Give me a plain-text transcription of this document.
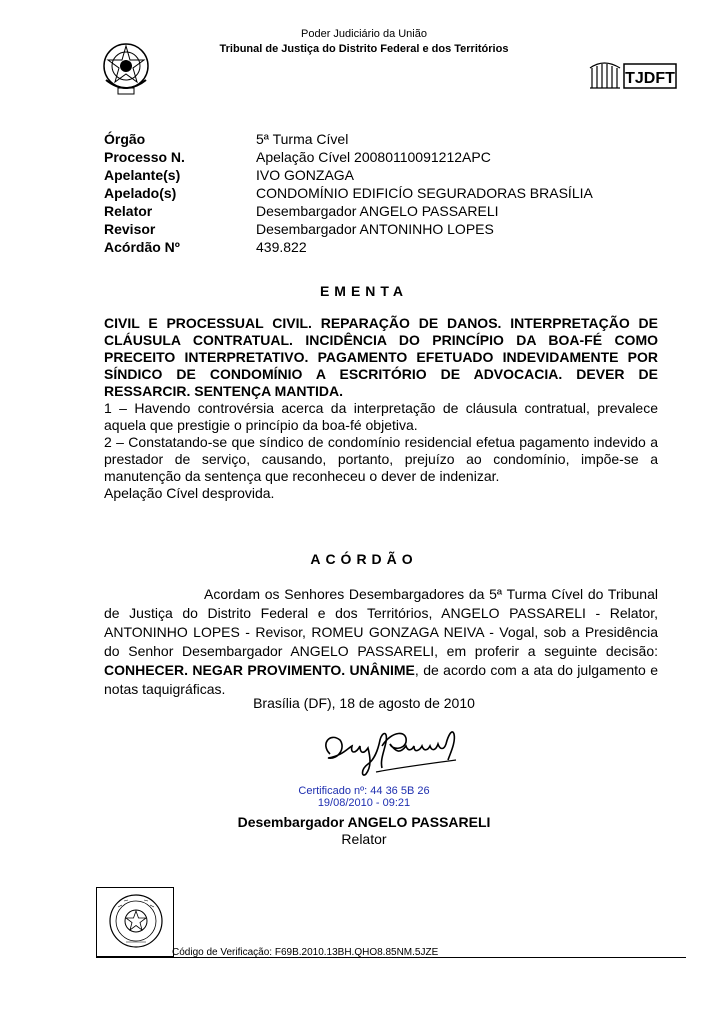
Poder Judiciário da União
Tribunal de Justiça do Distrito Federal e dos Territórios
TJDFT
Órgão	5ª Turma Cível
Processo N.	Apelação Cível 20080110091212APC
Apelante(s)	IVO GONZAGA
Apelado(s)	CONDOMÍNIO EDIFICÍO SEGURADORAS BRASÍLIA
Relator	Desembargador ANGELO PASSARELI
Revisor	Desembargador ANTONINHO LOPES
Acórdão Nº	439.822
EMENTA
CIVIL E PROCESSUAL CIVIL. REPARAÇÃO DE DANOS. INTERPRETAÇÃO DE CLÁUSULA CONTRATUAL. INCIDÊNCIA DO PRINCÍPIO DA BOA-FÉ COMO PRECEITO INTERPRETATIVO. PAGAMENTO EFETUADO INDEVIDAMENTE POR SÍNDICO DE CONDOMÍNIO A ESCRITÓRIO DE ADVOCACIA. DEVER DE RESSARCIR. SENTENÇA MANTIDA.
1 – Havendo controvérsia acerca da interpretação de cláusula contratual, prevalece aquela que prestigie o princípio da boa-fé objetiva.
2 – Constatando-se que síndico de condomínio residencial efetua pagamento indevido a prestador de serviço, causando, portanto, prejuízo ao condomínio, impõe-se a manutenção da sentença que reconheceu o dever de indenizar.
Apelação Cível desprovida.
ACÓRDÃO
Acordam os Senhores Desembargadores da 5ª Turma Cível do Tribunal de Justiça do Distrito Federal e dos Territórios, ANGELO PASSARELI - Relator, ANTONINHO LOPES - Revisor, ROMEU GONZAGA NEIVA - Vogal, sob a Presidência do Senhor Desembargador ANGELO PASSARELI, em proferir a seguinte decisão: CONHECER. NEGAR PROVIMENTO. UNÂNIME, de acordo com a ata do julgamento e notas taquigráficas.
Brasília (DF), 18 de agosto de 2010
Certificado nº: 44 36 5B 26
19/08/2010 - 09:21
Desembargador ANGELO PASSARELI
Relator
Código de Verificação: F69B.2010.13BH.QHO8.85NM.5JZE
